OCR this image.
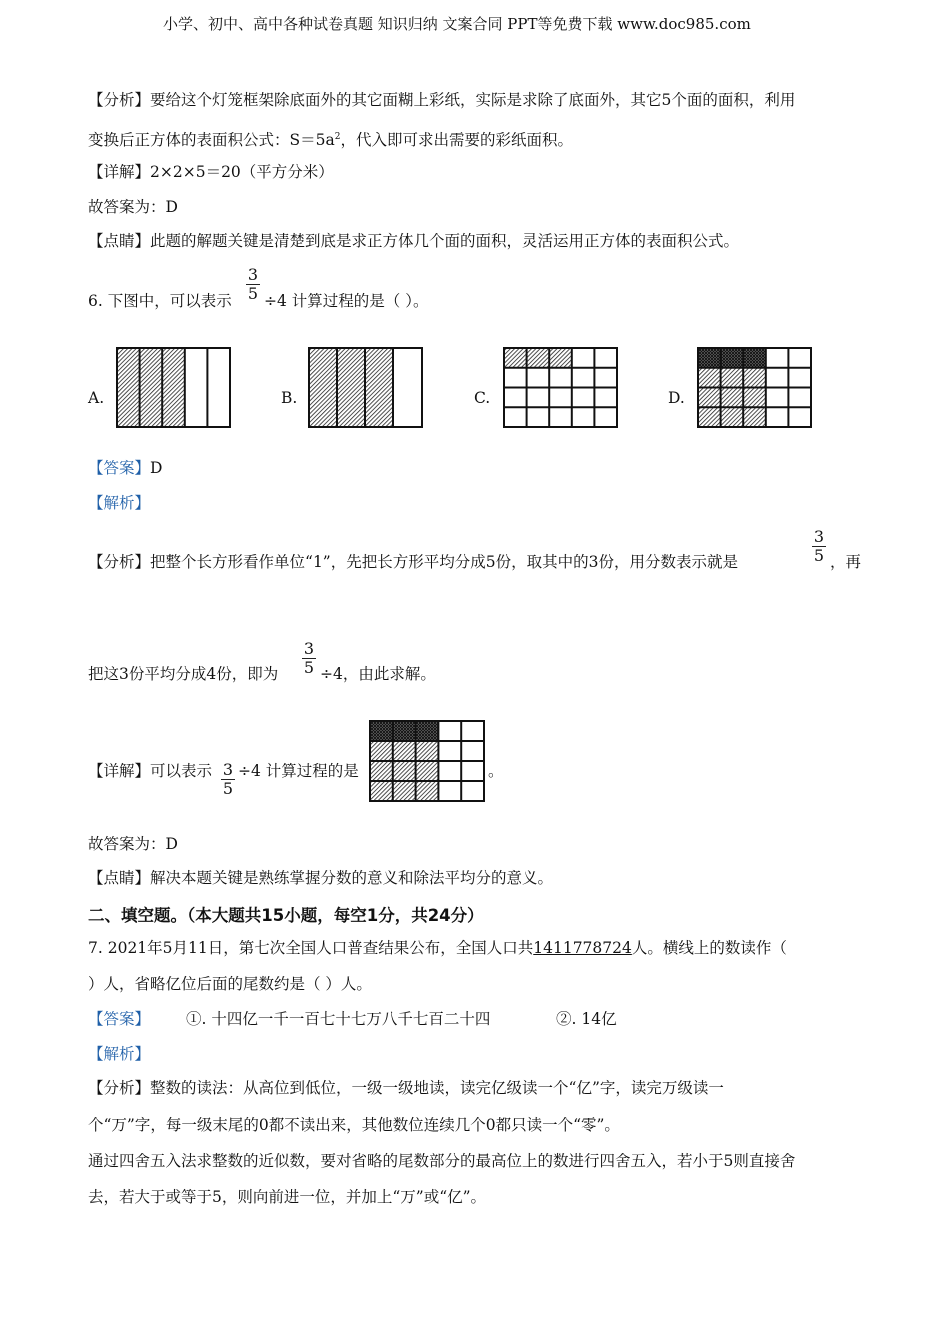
小学、初中、高中各种试卷真题 知识归纳 文案合同 PPT等免费下载 www.doc985.com
【分析】要给这个灯笼框架除底面外的其它面糊上彩纸，实际是求除了底面外，其它5个面的面积，利用
变换后正方体的表面积公式：$S=5a^2$，代入即可求出需要的彩纸面积。
【详解】2×2×5＝20（平方分米）
故答案为：D
【点睛】此题的解题关键是清楚到底是求正方体几个面的面积，灵活运用正方体的表面积公式。
6. 下图中，可以表示 $\frac{3}{5} \div 4$ 计算过程的是（ ）。
A.	B.	C.	D.
【答案】D
【解析】
【分析】把整个长方形看作单位“1”，先把长方形平均分成5份，取其中的3份，用分数表示就是	$\frac{3}{5}$ ，再
把这3份平均分成4份，即为 $\frac{3}{5} \div 4$，由此求解。
【详解】可以表示 $\frac{3}{5} \div 4$ 计算过程的是	。
故答案为：D
【点睛】解决本题关键是熟练掌握分数的意义和除法平均分的意义。
二、填空题。（本大题共15小题，每空1分，共24分）
7. 2021年5月11日，第七次全国人口普查结果公布，全国人口共1411778724人。横线上的数读作（
）人，省略亿位后面的尾数约是（ ）人。
【答案】 ①. 十四亿一千一百七十七万八千七百二十四	②. 14亿
【解析】
【分析】整数的读法：从高位到低位，一级一级地读，读完亿级读一个“亿”字，读完万级读一
个“万”字，每一级末尾的0都不读出来，其他数位连续几个0都只读一个“零”。
通过四舍五入法求整数的近似数，要对省略的尾数部分的最高位上的数进行四舍五入，若小于5则直接舍
去，若大于或等于5，则向前进一位，并加上“万”或“亿”。
